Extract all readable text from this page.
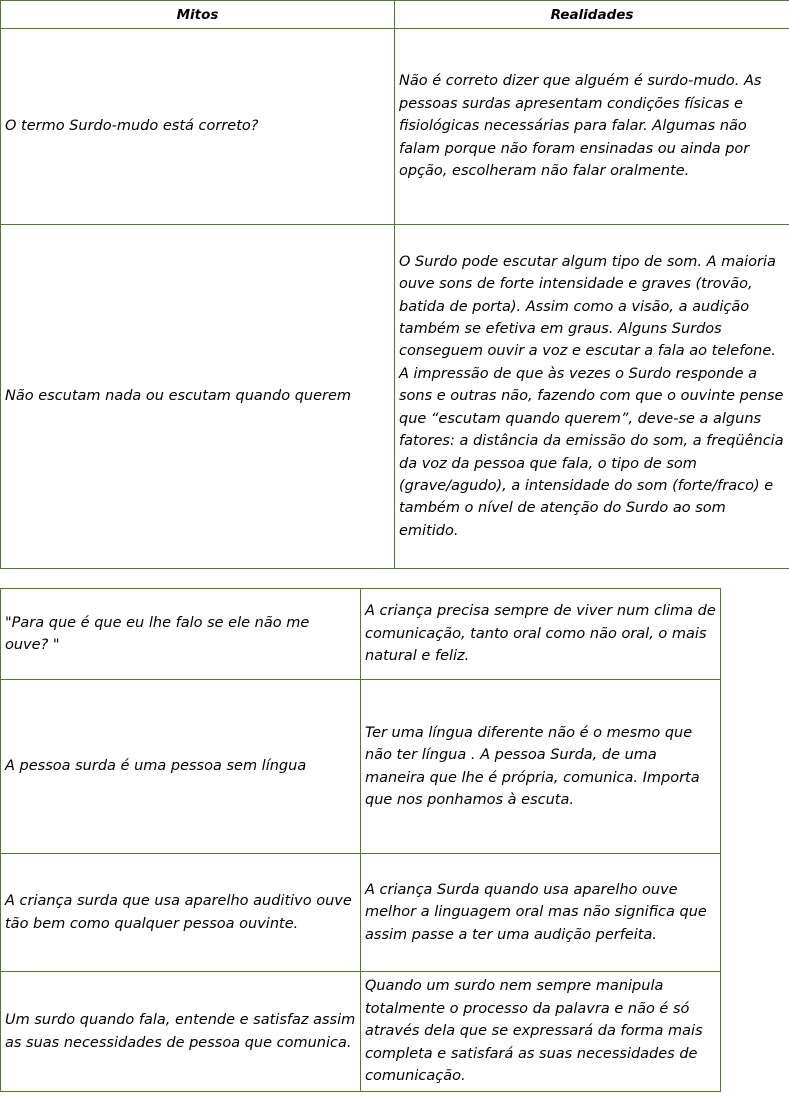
Mitos	Realidades
O termo Surdo-mudo está correto?	Não é correto dizer que alguém é surdo-mudo. As pessoas surdas apresentam condições físicas e fisiológicas necessárias para falar. Algumas não falam porque não foram ensinadas ou ainda por opção, escolheram não falar oralmente.
Não escutam nada ou escutam quando querem	O Surdo pode escutar algum tipo de som. A maioria ouve sons de forte intensidade e graves (trovão, batida de porta). Assim como a visão, a audição também se efetiva em graus. Alguns Surdos conseguem ouvir a voz e escutar a fala ao telefone. A impressão de que às vezes o Surdo responde a sons e outras não, fazendo com que o ouvinte pense que “escutam quando querem”, deve-se a alguns fatores: a distância da emissão do som, a freqüência da voz da pessoa que fala, o tipo de som (grave/agudo), a intensidade do som (forte/fraco) e também o nível de atenção do Surdo ao som emitido.
"Para que é que eu lhe falo se ele não me ouve? "	A criança precisa sempre de viver num clima de comunicação, tanto oral como não oral, o mais natural e feliz.
A pessoa surda é uma pessoa sem língua	Ter uma língua diferente não é o mesmo que não ter língua . A pessoa Surda, de uma maneira que lhe é própria, comunica. Importa que nos ponhamos à escuta.
A criança surda que usa aparelho auditivo ouve tão bem como qualquer pessoa ouvinte.	A criança Surda quando usa aparelho ouve melhor a linguagem oral mas não significa que assim passe a ter uma audição perfeita.
Um surdo quando fala, entende e satisfaz assim as suas necessidades de pessoa que comunica.	Quando um surdo nem sempre manipula totalmente o processo da palavra e não é só através dela que se expressará da forma mais completa e satisfará as suas necessidades de comunicação.
